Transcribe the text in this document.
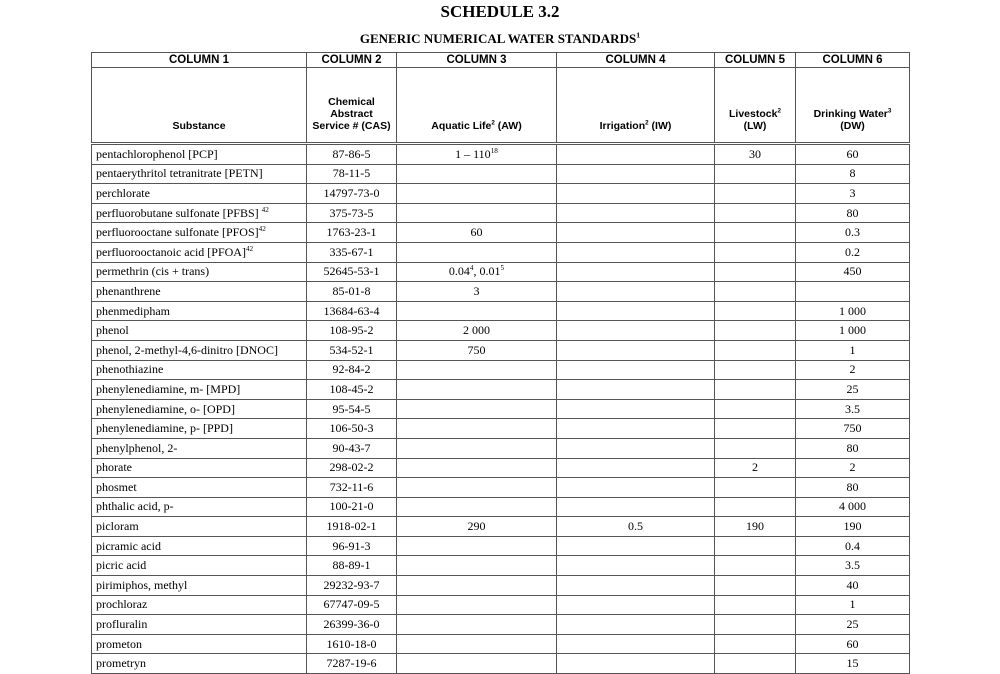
SCHEDULE 3.2
GENERIC NUMERICAL WATER STANDARDS$^1$
COLUMN 1	COLUMN 2	COLUMN 3	COLUMN 4	COLUMN 5	COLUMN 6
Substance	Chemical Abstract Service # (CAS)	Aquatic Life$^2$ (AW)	Irrigation$^2$ (IW)	Livestock$^2$ (LW)	Drinking Water$^3$ (DW)
pentachlorophenol [PCP]	87-86-5	$1 - 110^{18}$		30	60
pentaerythritol tetranitrate [PETN]	78-11-5				8
perchlorate	14797-73-0				3
perfluorobutane sulfonate [PFBS] $^{42}$	375-73-5				80
perfluorooctane sulfonate [PFOS]$^{42}$	1763-23-1	60			0.3
perfluorooctanoic acid [PFOA]$^{42}$	335-67-1				0.2
permethrin (cis + trans)	52645-53-1	0.04$^4$, 0.01$^5$			450
phenanthrene	85-01-8	3			
phenmedipham	13684-63-4				1 000
phenol	108-95-2	2 000			1 000
phenol, 2-methyl-4,6-dinitro [DNOC]	534-52-1	750			1
phenothiazine	92-84-2				2
phenylenediamine, m- [MPD]	108-45-2				25
phenylenediamine, o- [OPD]	95-54-5				3.5
phenylenediamine, p- [PPD]	106-50-3				750
phenylphenol, 2-	90-43-7				80
phorate	298-02-2			2	2
phosmet	732-11-6				80
phthalic acid, p-	100-21-0				4 000
picloram	1918-02-1	290	0.5	190	190
picramic acid	96-91-3				0.4
picric acid	88-89-1				3.5
pirimiphos, methyl	29232-93-7				40
prochloraz	67747-09-5				1
profluralin	26399-36-0				25
prometon	1610-18-0				60
prometryn	7287-19-6				15
